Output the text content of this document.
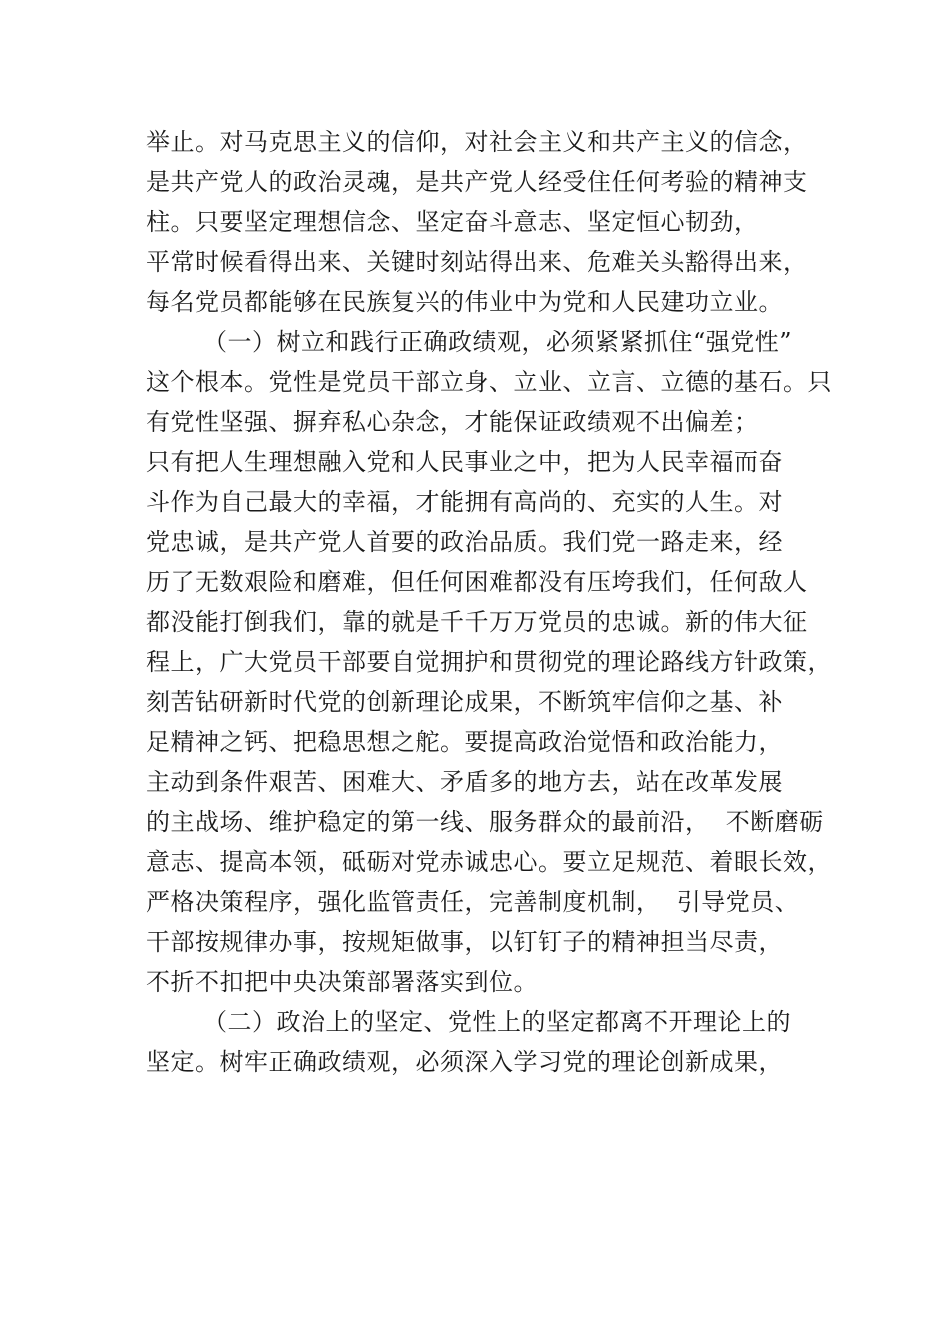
举止。对马克思主义的信仰，对社会主义和共产主义的信念，
是共产党人的政治灵魂，是共产党人经受住任何考验的精神支
柱。只要坚定理想信念、坚定奋斗意志、坚定恒心韧劲，
平常时候看得出来、关键时刻站得出来、危难关头豁得出来，
每名党员都能够在民族复兴的伟业中为党和人民建功立业。
（一）树立和践行正确政绩观，必须紧紧抓住“强党性”
这个根本。党性是党员干部立身、立业、立言、立德的基石。只
有党性坚强、摒弃私心杂念，才能保证政绩观不出偏差；
只有把人生理想融入党和人民事业之中，把为人民幸福而奋
斗作为自己最大的幸福，才能拥有高尚的、充实的人生。对
党忠诚，是共产党人首要的政治品质。我们党一路走来，经
历了无数艰险和磨难，但任何困难都没有压垮我们，任何敌人
都没能打倒我们，靠的就是千千万万党员的忠诚。新的伟大征
程上，广大党员干部要自觉拥护和贯彻党的理论路线方针政策，
刻苦钻研新时代党的创新理论成果，不断筑牢信仰之基、补
足精神之钙、把稳思想之舵。要提高政治觉悟和政治能力，
主动到条件艰苦、困难大、矛盾多的地方去，站在改革发展
的主战场、维护稳定的第一线、服务群众的最前沿，  不断磨砺
意志、提高本领，砥砺对党赤诚忠心。要立足规范、着眼长效，
严格决策程序，强化监管责任，完善制度机制，  引导党员、
干部按规律办事，按规矩做事，以钉钉子的精神担当尽责，
不折不扣把中央决策部署落实到位。
（二）政治上的坚定、党性上的坚定都离不开理论上的
坚定。树牢正确政绩观，必须深入学习党的理论创新成果，
